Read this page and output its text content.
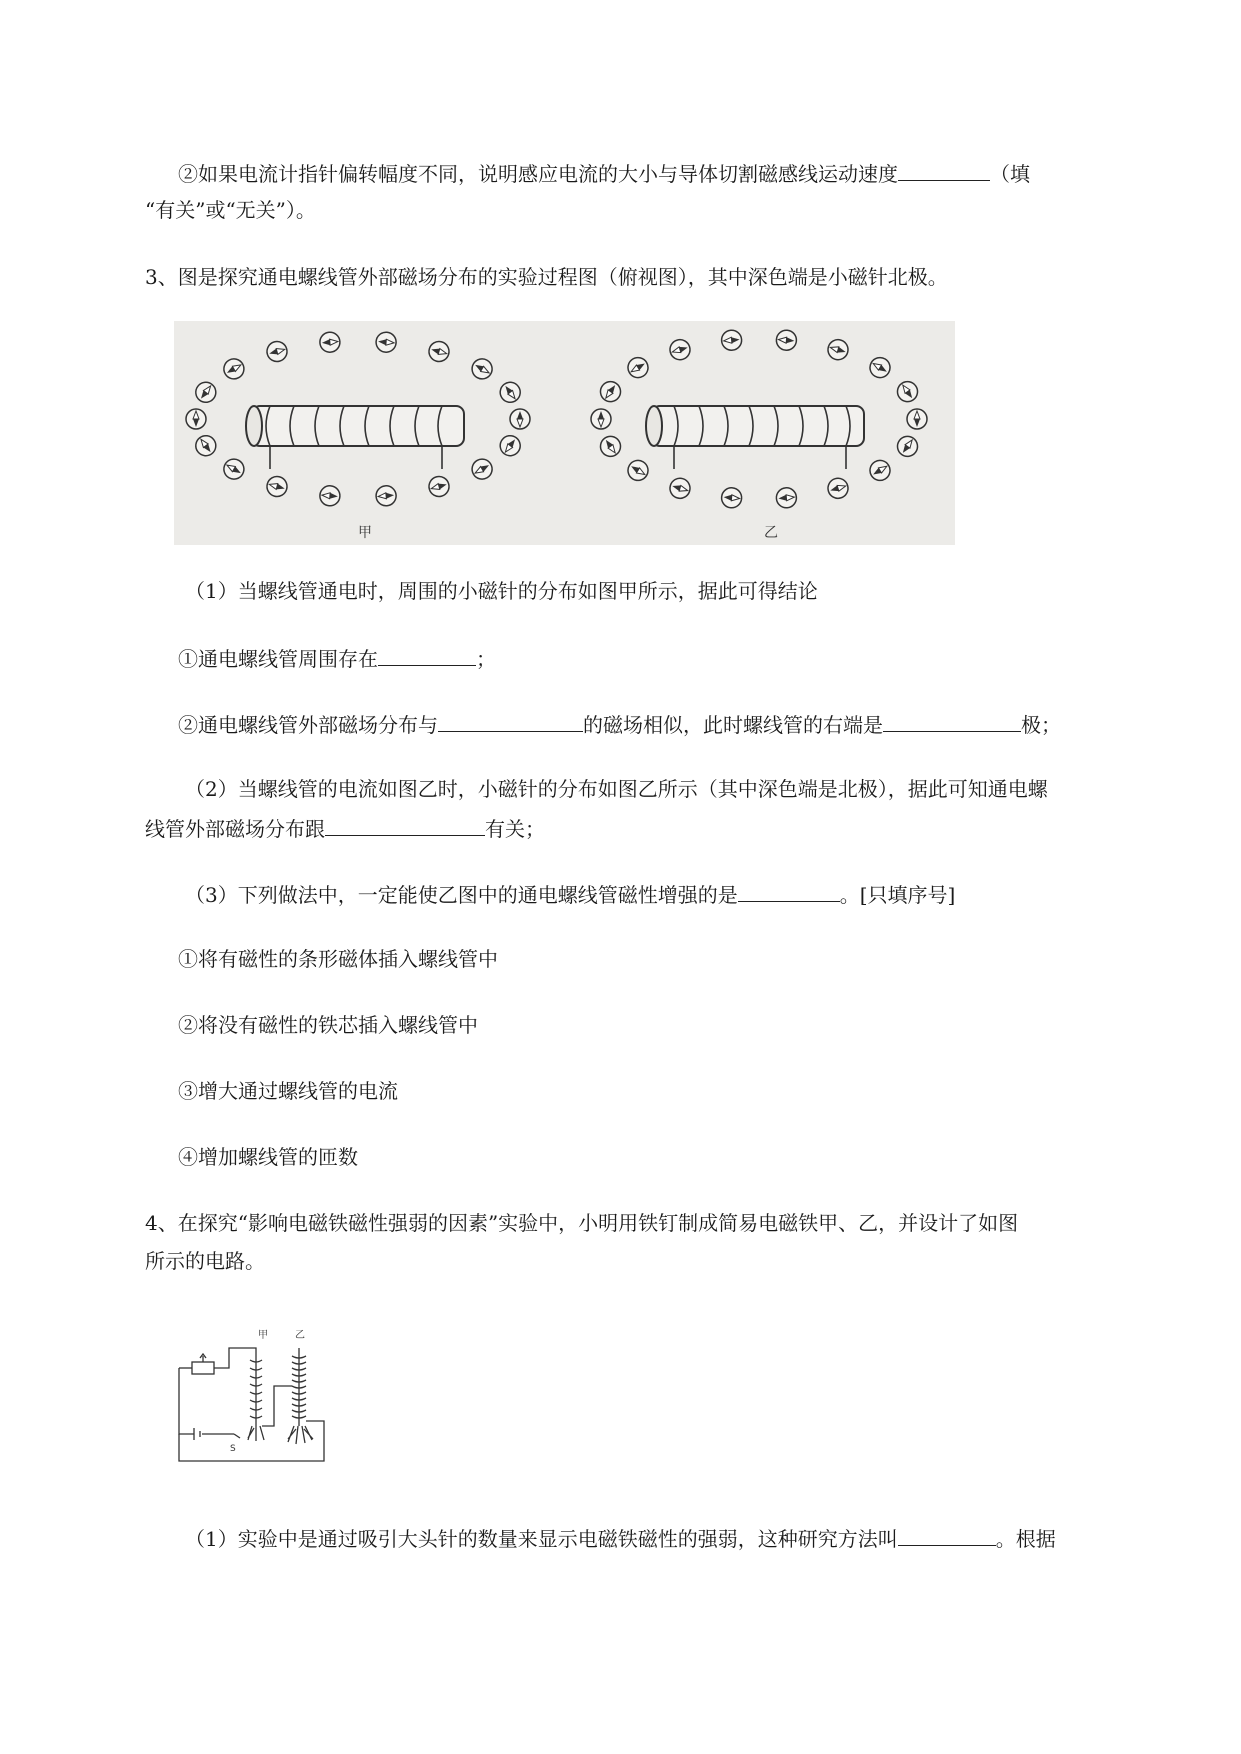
②如果电流计指针偏转幅度不同，说明感应电流的大小与导体切割磁感线运动速度	（填
“有关”或“无关”）。
3、图是探究通电螺线管外部磁场分布的实验过程图（俯视图），其中深色端是小磁针北极。
甲	乙
（1）当螺线管通电时，周围的小磁针的分布如图甲所示，据此可得结论
①通电螺线管周围存在	；
②通电螺线管外部磁场分布与	的磁场相似，此时螺线管的右端是	极；
（2）当螺线管的电流如图乙时，小磁针的分布如图乙所示（其中深色端是北极），据此可知通电螺
线管外部磁场分布跟	有关；
（3）下列做法中，一定能使乙图中的通电螺线管磁性增强的是	。[只填序号]
①将有磁性的条形磁体插入螺线管中
②将没有磁性的铁芯插入螺线管中
③增大通过螺线管的电流
④增加螺线管的匝数
4、在探究“影响电磁铁磁性强弱的因素”实验中，小明用铁钉制成简易电磁铁甲、乙，并设计了如图
所示的电路。
甲	乙
S
（1）实验中是通过吸引大头针的数量来显示电磁铁磁性的强弱，这种研究方法叫	。根据
